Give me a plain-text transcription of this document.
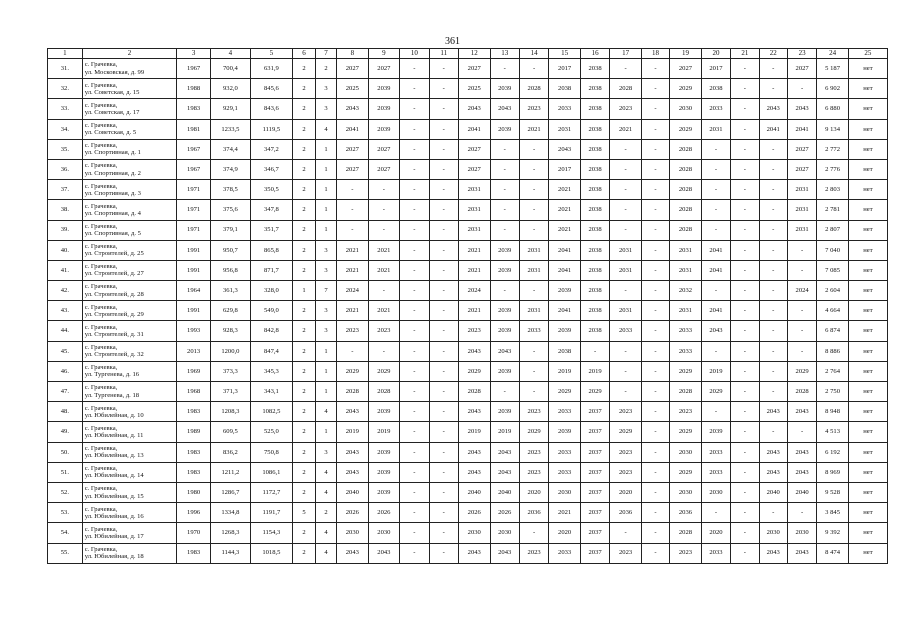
361
1	2	3	4	5	6	7	8	9	10	11	12	13	14	15	16	17	18	19	20	21	22	23	24	25
31.	с. Грачевка,
ул. Московская, д. 99	1967	700,4	631,9	2	2	2027	2027	-	-	2027	-	-	2017	2038	-	-	2027	2017	-	-	2027	5 187	нет
32.	с. Грачевка,
ул. Советская, д. 15	1988	932,0	845,6	2	3	2025	2039	-	-	2025	2039	2028	2038	2038	2028	-	2029	2038	-	-	-	6 902	нет
33.	с. Грачевка,
ул. Советская, д. 17	1983	929,1	843,6	2	3	2043	2039	-	-	2043	2043	2023	2033	2038	2023	-	2030	2033	-	2043	2043	6 880	нет
34.	с. Грачевка,
ул. Советская, д. 5	1981	1233,5	1119,5	2	4	2041	2039	-	-	2041	2039	2021	2031	2038	2021	-	2029	2031	-	2041	2041	9 134	нет
35.	с. Грачевка,
ул. Спортивная, д. 1	1967	374,4	347,2	2	1	2027	2027	-	-	2027	-	-	2043	2038	-	-	2028	-	-	-	2027	2 772	нет
36.	с. Грачевка,
ул. Спортивная, д. 2	1967	374,9	346,7	2	1	2027	2027	-	-	2027	-	-	2017	2038	-	-	2028	-	-	-	2027	2 776	нет
37.	с. Грачевка,
ул. Спортивная, д. 3	1971	378,5	350,5	2	1	-	-	-	-	2031	-	-	2021	2038	-	-	2028	-	-	-	2031	2 803	нет
38.	с. Грачевка,
ул. Спортивная, д. 4	1971	375,6	347,8	2	1	-	-	-	-	2031	-	-	2021	2038	-	-	2028	-	-	-	2031	2 781	нет
39.	с. Грачевка,
ул. Спортивная, д. 5	1971	379,1	351,7	2	1	-	-	-	-	2031	-	-	2021	2038	-	-	2028	-	-	-	2031	2 807	нет
40.	с. Грачевка,
ул. Строителей, д. 25	1991	950,7	865,8	2	3	2021	2021	-	-	2021	2039	2031	2041	2038	2031	-	2031	2041	-	-	-	7 040	нет
41.	с. Грачевка,
ул. Строителей, д. 27	1991	956,8	871,7	2	3	2021	2021	-	-	2021	2039	2031	2041	2038	2031	-	2031	2041	-	-	-	7 085	нет
42.	с. Грачевка,
ул. Строителей, д. 28	1964	361,3	328,0	1	7	2024	-	-	-	2024	-	-	2039	2038	-	-	2032	-	-	-	2024	2 604	нет
43.	с. Грачевка,
ул. Строителей, д. 29	1991	629,8	549,0	2	3	2021	2021	-	-	2021	2039	2031	2041	2038	2031	-	2031	2041	-	-	-	4 664	нет
44.	с. Грачевка,
ул. Строителей, д. 31	1993	928,3	842,8	2	3	2023	2023	-	-	2023	2039	2033	2039	2038	2033	-	2033	2043	-	-	-	6 874	нет
45.	с. Грачевка,
ул. Строителей, д. 32	2013	1200,0	847,4	2	1	-	-	-	-	2043	2043	-	2038	-	-	-	2033	-	-	-	-	8 886	нет
46.	с. Грачевка,
ул. Тургенева, д. 16	1969	373,3	345,3	2	1	2029	2029	-	-	2029	2039	-	2019	2019	-	-	2029	2019	-	-	2029	2 764	нет
47.	с. Грачевка,
ул. Тургенева, д. 18	1968	371,3	343,1	2	1	2028	2028	-	-	2028	-	-	2029	2029	-	-	2028	2029	-	-	2028	2 750	нет
48.	с. Грачевка,
ул. Юбилейная, д. 10	1983	1208,3	1082,5	2	4	2043	2039	-	-	2043	2039	2023	2033	2037	2023	-	2023	-	-	2043	2043	8 948	нет
49.	с. Грачевка,
ул. Юбилейная, д. 11	1989	609,5	525,0	2	1	2019	2019	-	-	2019	2019	2029	2039	2037	2029	-	2029	2039	-	-	-	4 513	нет
50.	с. Грачевка,
ул. Юбилейная, д. 13	1983	836,2	750,8	2	3	2043	2039	-	-	2043	2043	2023	2033	2037	2023	-	2030	2033	-	2043	2043	6 192	нет
51.	с. Грачевка,
ул. Юбилейная, д. 14	1983	1211,2	1086,1	2	4	2043	2039	-	-	2043	2043	2023	2033	2037	2023	-	2029	2033	-	2043	2043	8 969	нет
52.	с. Грачевка,
ул. Юбилейная, д. 15	1980	1286,7	1172,7	2	4	2040	2039	-	-	2040	2040	2020	2030	2037	2020	-	2030	2030	-	2040	2040	9 528	нет
53.	с. Грачевка,
ул. Юбилейная, д. 16	1996	1334,8	1191,7	5	2	2026	2026	-	-	2026	2026	2036	2021	2037	2036	-	2036	-	-	-	-	3 845	нет
54.	с. Грачевка,
ул. Юбилейная, д. 17	1970	1268,3	1154,3	2	4	2030	2030	-	-	2030	2030	-	2020	2037	-	-	2028	2020	-	2030	2030	9 392	нет
55.	с. Грачевка,
ул. Юбилейная, д. 18	1983	1144,3	1018,5	2	4	2043	2043	-	-	2043	2043	2023	2033	2037	2023	-	2023	2033	-	2043	2043	8 474	нет
